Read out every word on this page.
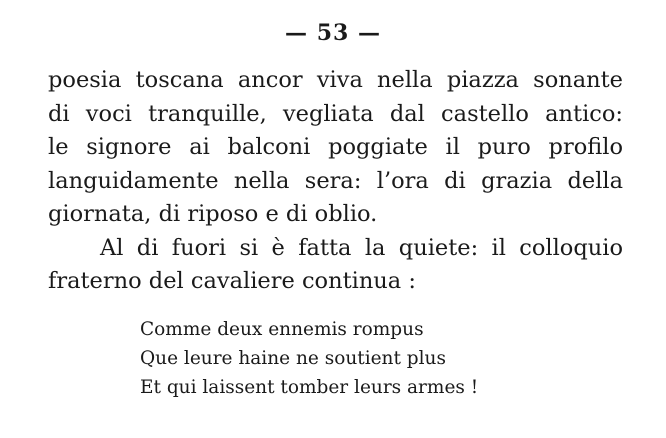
— 53 —
poesia toscana ancor viva nella piazza sonante
di voci tranquille, vegliata dal castello antico:
le signore ai balconi poggiate il puro profilo
languidamente nella sera: l’ora di grazia della
giornata, di riposo e di oblio.
Al di fuori si è fatta la quiete: il colloquio
fraterno del cavaliere continua :
Comme deux ennemis rompus
Que leure haine ne soutient plus
Et qui laissent tomber leurs armes !
